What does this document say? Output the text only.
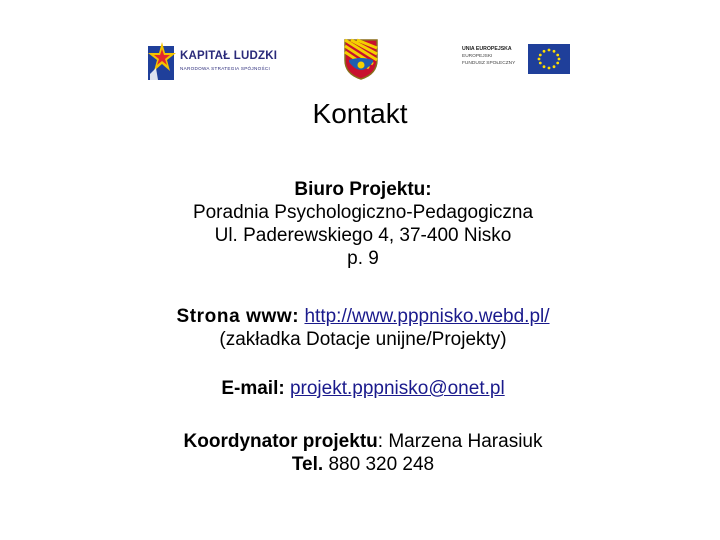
KAPITAŁ LUDZKI
NARODOWA STRATEGIA SPÓJNOŚCI
UNIA EUROPEJSKA
EUROPEJSKI
FUNDUSZ SPOŁECZNY
Kontakt
Biuro Projektu:
Poradnia Psychologiczno-Pedagogiczna
Ul. Paderewskiego 4, 37-400 Nisko
p. 9
Strona www: http://www.pppnisko.webd.pl/
(zakładka Dotacje unijne/Projekty)
E-mail: projekt.pppnisko@onet.pl
Koordynator projektu: Marzena Harasiuk
Tel. 880 320 248
